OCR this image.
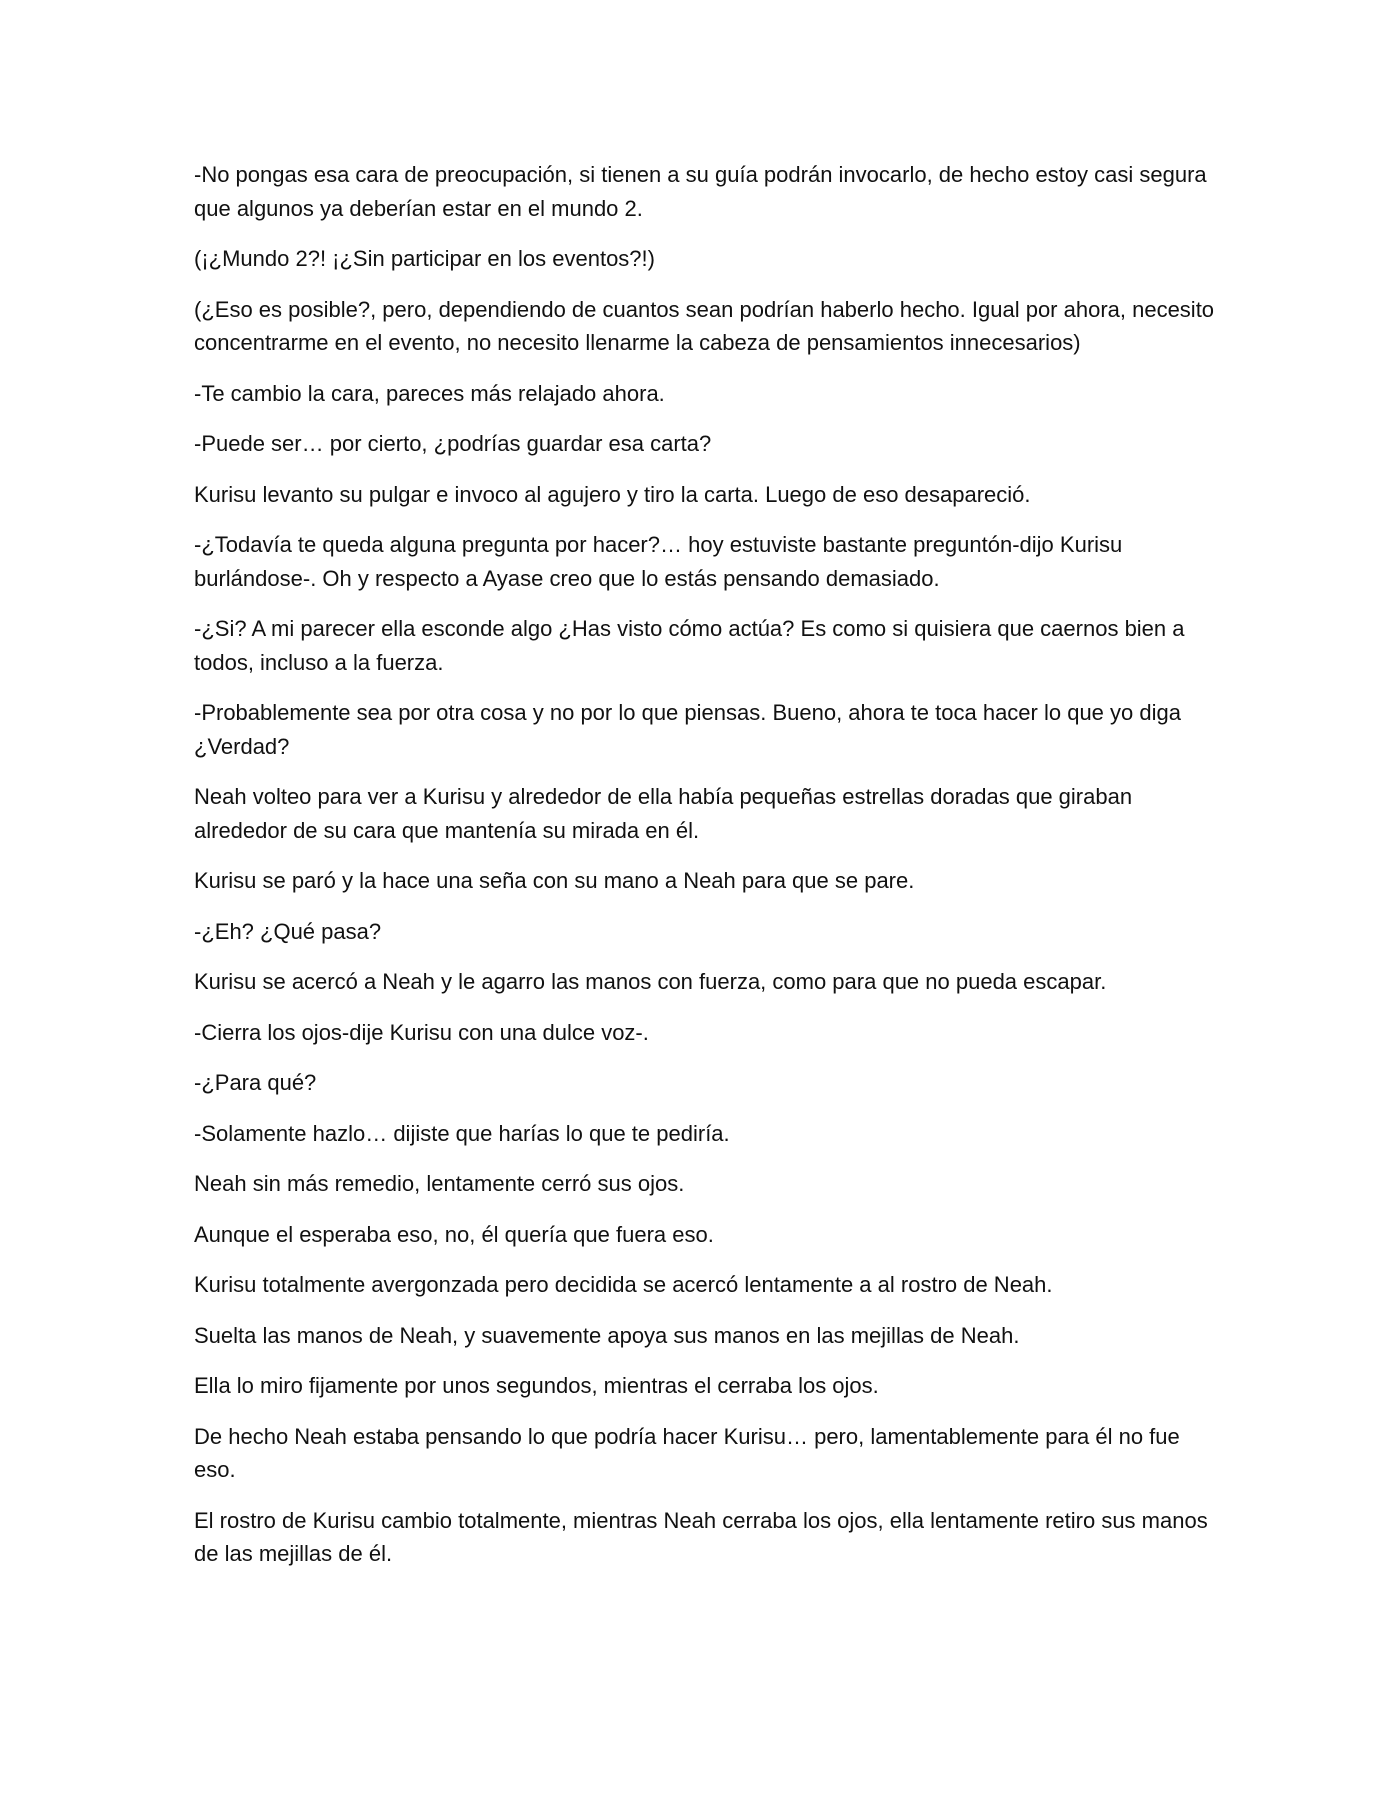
-No pongas esa cara de preocupación, si tienen a su guía podrán invocarlo, de hecho estoy casi segura que algunos ya deberían estar en el mundo 2.

(¡¿Mundo 2?! ¡¿Sin participar en los eventos?!)

(¿Eso es posible?, pero, dependiendo de cuantos sean podrían haberlo hecho. Igual por ahora, necesito concentrarme en el evento, no necesito llenarme la cabeza de pensamientos innecesarios)

-Te cambio la cara, pareces más relajado ahora.

-Puede ser… por cierto, ¿podrías guardar esa carta?

Kurisu levanto su pulgar e invoco al agujero y tiro la carta. Luego de eso desapareció.

-¿Todavía te queda alguna pregunta por hacer?… hoy estuviste bastante preguntón-dijo Kurisu burlándose-. Oh y respecto a Ayase creo que lo estás pensando demasiado.

-¿Si? A mi parecer ella esconde algo ¿Has visto cómo actúa? Es como si quisiera que caernos bien a todos, incluso a la fuerza.

-Probablemente sea por otra cosa y no por lo que piensas. Bueno, ahora te toca hacer lo que yo diga ¿Verdad?

Neah volteo para ver a Kurisu y alrededor de ella había pequeñas estrellas doradas que giraban alrededor de su cara que mantenía su mirada en él.

Kurisu se paró y la hace una seña con su mano a Neah para que se pare.

-¿Eh? ¿Qué pasa?

Kurisu se acercó a Neah y le agarro las manos con fuerza, como para que no pueda escapar.

-Cierra los ojos-dije Kurisu con una dulce voz-.

-¿Para qué?

-Solamente hazlo… dijiste que harías lo que te pediría.

Neah sin más remedio, lentamente cerró sus ojos.

Aunque el esperaba eso, no, él quería que fuera eso.

Kurisu totalmente avergonzada pero decidida se acercó lentamente a al rostro de Neah.

Suelta las manos de Neah, y suavemente apoya sus manos en las mejillas de Neah.

Ella lo miro fijamente por unos segundos, mientras el cerraba los ojos.

De hecho Neah estaba pensando lo que podría hacer Kurisu… pero, lamentablemente para él no fue eso.

El rostro de Kurisu cambio totalmente, mientras Neah cerraba los ojos, ella lentamente retiro sus manos de las mejillas de él.
